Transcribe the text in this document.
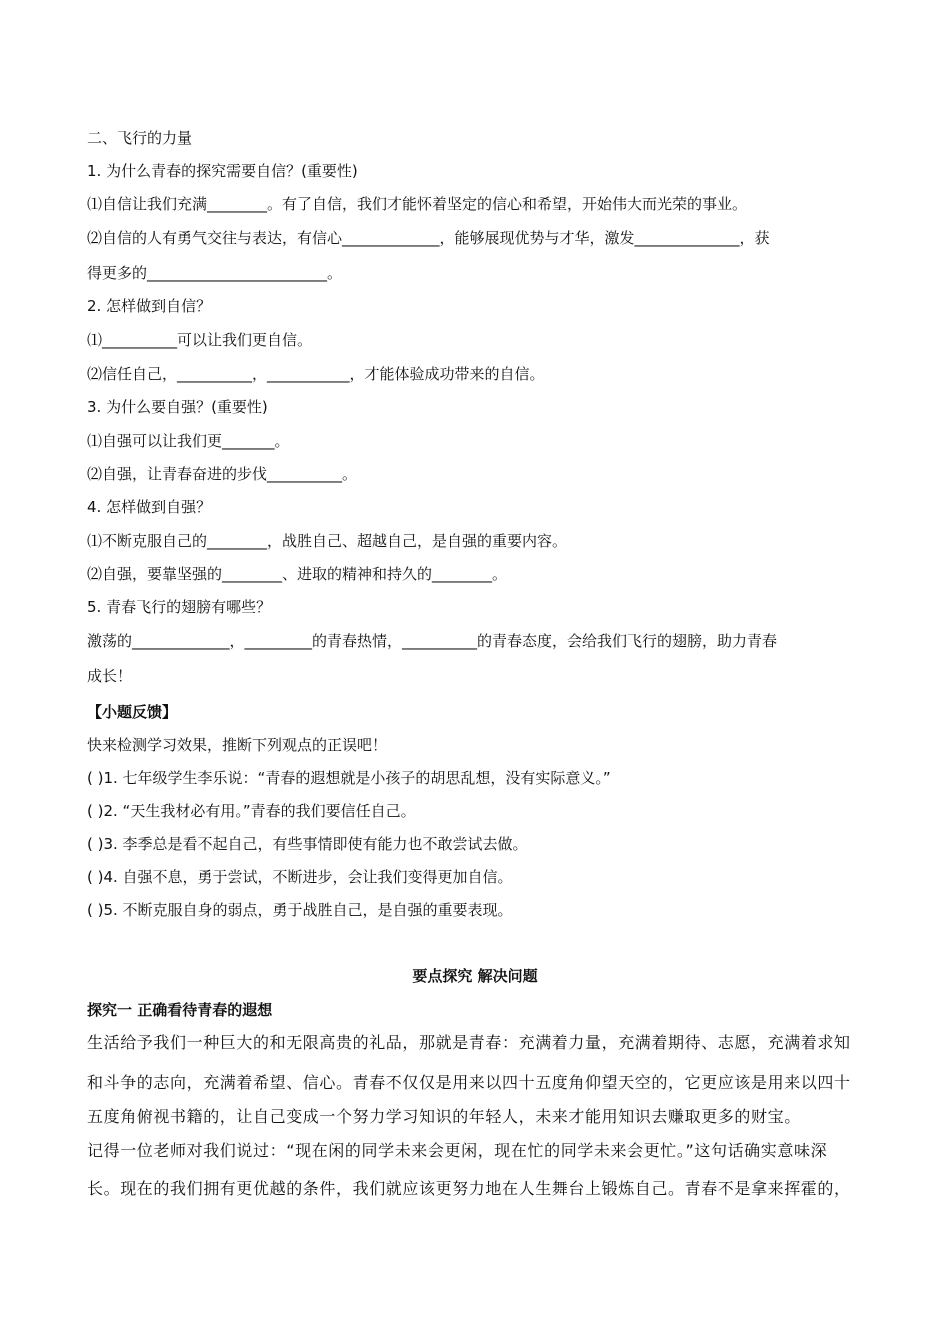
二、飞行的力量
1. 为什么青春的探究需要自信？(重要性)
⑴自信让我们充满________。有了自信，我们才能怀着坚定的信心和希望，开始伟大而光荣的事业。
⑵自信的人有勇气交往与表达，有信心_____________，能够展现优势与才华，激发______________，获
得更多的________________________。
2. 怎样做到自信？
⑴__________可以让我们更自信。
⑵信任自己，__________，___________，才能体验成功带来的自信。
3. 为什么要自强？(重要性)
⑴自强可以让我们更_______。
⑵自强，让青春奋进的步伐__________。
4. 怎样做到自强？
⑴不断克服自己的________，战胜自己、超越自己，是自强的重要内容。
⑵自强，要靠坚强的________、进取的精神和持久的________。
5. 青春飞行的翅膀有哪些？
激荡的_____________，_________的青春热情，__________的青春态度，会给我们飞行的翅膀，助力青春
成长！
【小题反馈】
快来检测学习效果，推断下列观点的正误吧！
( )1. 七年级学生李乐说：“青春的遐想就是小孩子的胡思乱想，没有实际意义。”
( )2. “天生我材必有用。”青春的我们要信任自己。
( )3. 李季总是看不起自己，有些事情即使有能力也不敢尝试去做。
( )4. 自强不息，勇于尝试，不断进步，会让我们变得更加自信。
( )5. 不断克服自身的弱点，勇于战胜自己，是自强的重要表现。
要点探究 解决问题
探究一 正确看待青春的遐想
生活给予我们一种巨大的和无限高贵的礼品，那就是青春：充满着力量，充满着期待、志愿，充满着求知
和斗争的志向，充满着希望、信心。青春不仅仅是用来以四十五度角仰望天空的，它更应该是用来以四十
五度角俯视书籍的，让自己变成一个努力学习知识的年轻人，未来才能用知识去赚取更多的财宝。
记得一位老师对我们说过：“现在闲的同学未来会更闲，现在忙的同学未来会更忙。”这句话确实意味深
长。现在的我们拥有更优越的条件，我们就应该更努力地在人生舞台上锻炼自己。青春不是拿来挥霍的，
